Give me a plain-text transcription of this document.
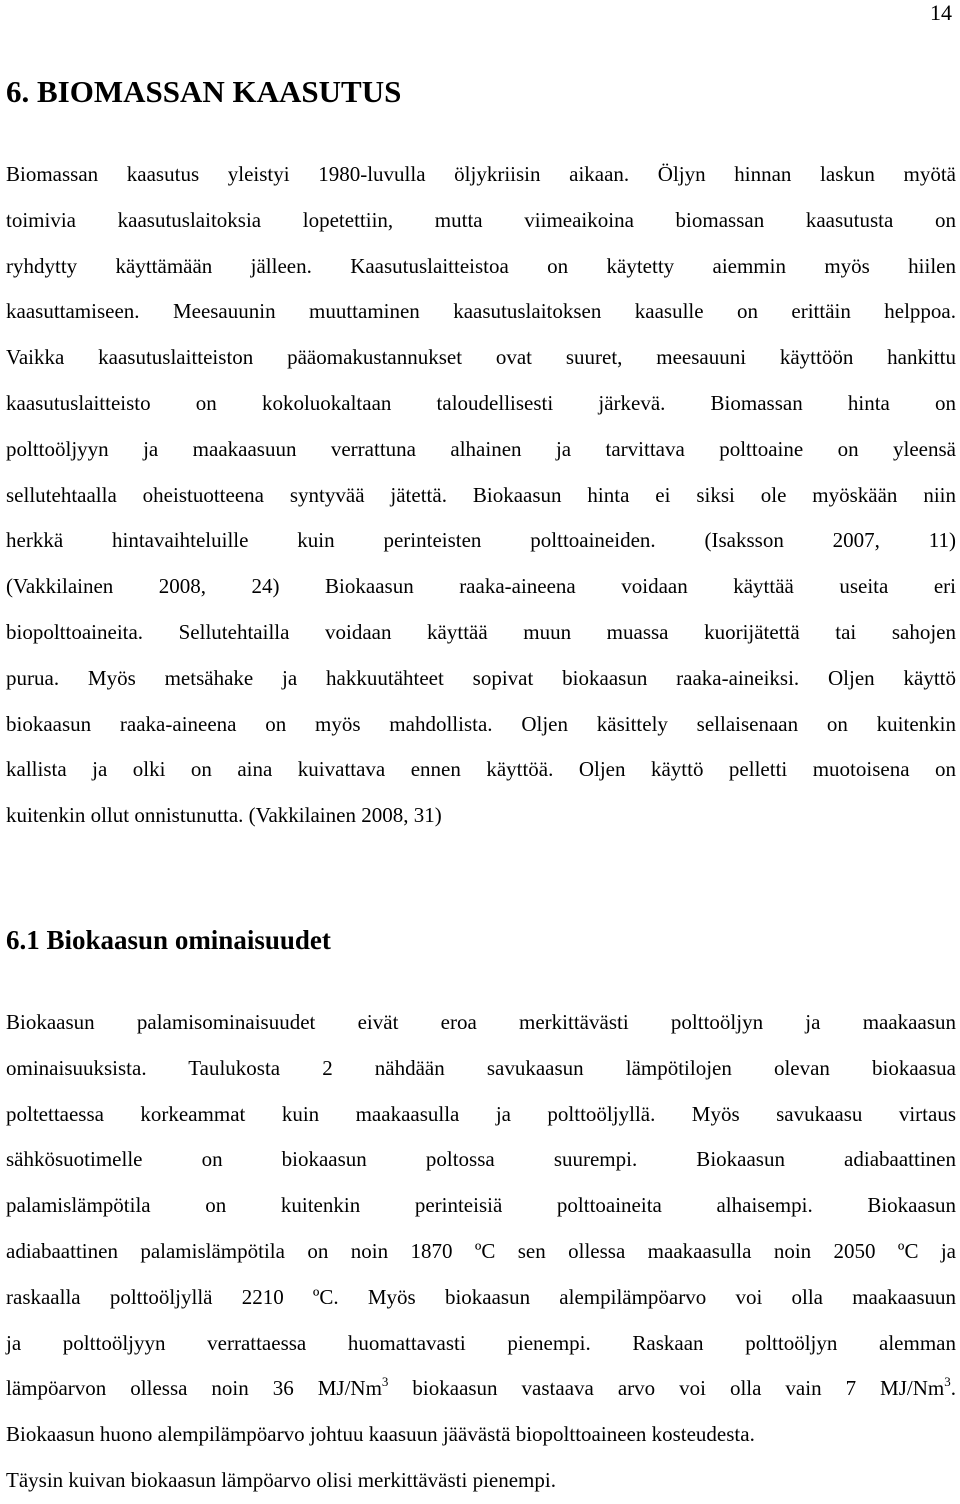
14
6. BIOMASSAN KAASUTUS
Biomassan kaasutus yleistyi 1980-luvulla öljykriisin aikaan. Öljyn hinnan laskun myötä
toimivia kaasutuslaitoksia lopetettiin, mutta viimeaikoina biomassan kaasutusta on
ryhdytty käyttämään jälleen. Kaasutuslaitteistoa on käytetty aiemmin myös hiilen
kaasuttamiseen. Meesauunin muuttaminen kaasutuslaitoksen kaasulle on erittäin helppoa.
Vaikka kaasutuslaitteiston pääomakustannukset ovat suuret, meesauuni käyttöön hankittu
kaasutuslaitteisto on kokoluokaltaan taloudellisesti järkevä. Biomassan hinta on
polttoöljyyn ja maakaasuun verrattuna alhainen ja tarvittava polttoaine on yleensä
sellutehtaalla oheistuotteena syntyvää jätettä. Biokaasun hinta ei siksi ole myöskään niin
herkkä hintavaihteluille kuin perinteisten polttoaineiden. (Isaksson 2007, 11)
(Vakkilainen 2008, 24) Biokaasun raaka-aineena voidaan käyttää useita eri
biopolttoaineita. Sellutehtailla voidaan käyttää muun muassa kuorijätettä tai sahojen
purua. Myös metsähake ja hakkuutähteet sopivat biokaasun raaka-aineiksi. Oljen käyttö
biokaasun raaka-aineena on myös mahdollista. Oljen käsittely sellaisenaan on kuitenkin
kallista ja olki on aina kuivattava ennen käyttöä. Oljen käyttö pelletti muotoisena on
kuitenkin ollut onnistunutta. (Vakkilainen 2008, 31)
6.1 Biokaasun ominaisuudet
Biokaasun palamisominaisuudet eivät eroa merkittävästi polttoöljyn ja maakaasun
ominaisuuksista. Taulukosta 2 nähdään savukaasun lämpötilojen olevan biokaasua
poltettaessa korkeammat kuin maakaasulla ja polttoöljyllä. Myös savukaasu virtaus
sähkösuotimelle on biokaasun poltossa suurempi. Biokaasun adiabaattinen
palamislämpötila on kuitenkin perinteisiä polttoaineita alhaisempi. Biokaasun
adiabaattinen palamislämpötila on noin 1870 ºC sen ollessa maakaasulla noin 2050 ºC ja
raskaalla polttoöljyllä 2210 ºC. Myös biokaasun alempilämpöarvo voi olla maakaasuun
ja polttoöljyyn verrattaessa huomattavasti pienempi. Raskaan polttoöljyn alemman
lämpöarvon ollessa noin 36 MJ/Nm$^3$ biokaasun vastaava arvo voi olla vain 7 MJ/Nm$^3$.
Biokaasun huono alempilämpöarvo johtuu kaasuun jäävästä biopolttoaineen kosteudesta.
Täysin kuivan biokaasun lämpöarvo olisi merkittävästi pienempi.
